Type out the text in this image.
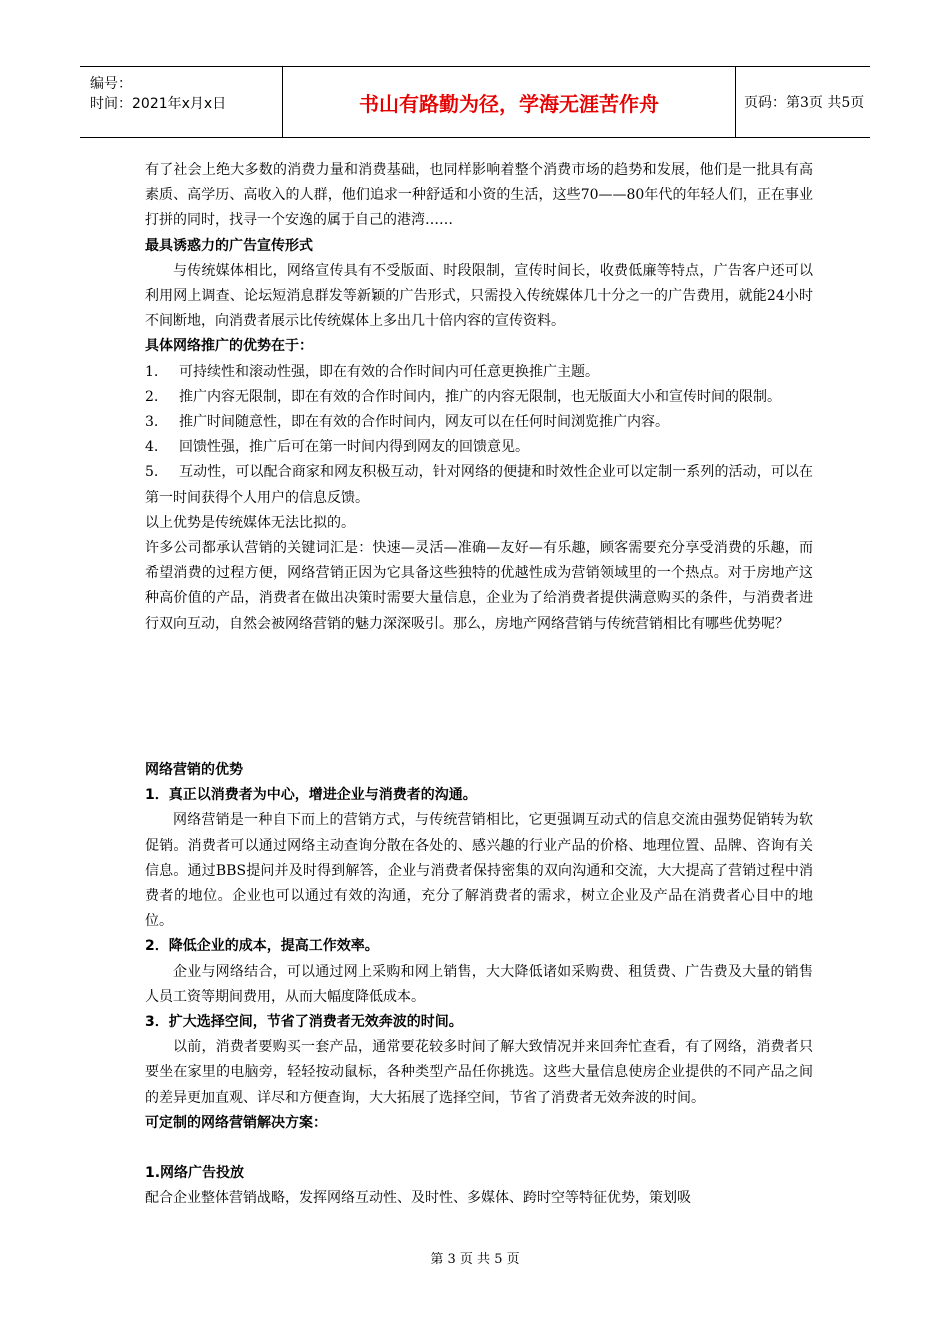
编号：
时间：2021年x月x日	书山有路勤为径，学海无涯苦作舟	页码：第3页 共5页

有了社会上绝大多数的消费力量和消费基础，也同样影响着整个消费市场的趋势和发展，他们是一批具有高素质、高学历、高收入的人群，他们追求一种舒适和小资的生活，这些70——80年代的年轻人们，正在事业打拼的同时，找寻一个安逸的属于自己的港湾……

最具诱惑力的广告宣传形式

与传统媒体相比，网络宣传具有不受版面、时段限制，宣传时间长，收费低廉等特点，广告客户还可以利用网上调查、论坛短消息群发等新颖的广告形式，只需投入传统媒体几十分之一的广告费用，就能24小时不间断地，向消费者展示比传统媒体上多出几十倍内容的宣传资料。

具体网络推广的优势在于：

1. 可持续性和滚动性强，即在有效的合作时间内可任意更换推广主题。

2. 推广内容无限制，即在有效的合作时间内，推广的内容无限制，也无版面大小和宣传时间的限制。

3. 推广时间随意性，即在有效的合作时间内，网友可以在任何时间浏览推广内容。

4. 回馈性强，推广后可在第一时间内得到网友的回馈意见。

5. 互动性，可以配合商家和网友积极互动，针对网络的便捷和时效性企业可以定制一系列的活动，可以在第一时间获得个人用户的信息反馈。

以上优势是传统媒体无法比拟的。

许多公司都承认营销的关键词汇是：快速—灵活—准确—友好—有乐趣，顾客需要充分享受消费的乐趣，而希望消费的过程方便，网络营销正因为它具备这些独特的优越性成为营销领域里的一个热点。对于房地产这种高价值的产品，消费者在做出决策时需要大量信息，企业为了给消费者提供满意购买的条件，与消费者进行双向互动，自然会被网络营销的魅力深深吸引。那么，房地产网络营销与传统营销相比有哪些优势呢？

网络营销的优势

1．真正以消费者为中心，增进企业与消费者的沟通。

网络营销是一种自下而上的营销方式，与传统营销相比，它更强调互动式的信息交流由强势促销转为软促销。消费者可以通过网络主动查询分散在各处的、感兴趣的行业产品的价格、地理位置、品牌、咨询有关信息。通过BBS提问并及时得到解答，企业与消费者保持密集的双向沟通和交流，大大提高了营销过程中消费者的地位。企业也可以通过有效的沟通，充分了解消费者的需求，树立企业及产品在消费者心目中的地位。

2．降低企业的成本，提高工作效率。

企业与网络结合，可以通过网上采购和网上销售，大大降低诸如采购费、租赁费、广告费及大量的销售人员工资等期间费用，从而大幅度降低成本。

3．扩大选择空间，节省了消费者无效奔波的时间。

以前，消费者要购买一套产品，通常要花较多时间了解大致情况并来回奔忙查看，有了网络，消费者只要坐在家里的电脑旁，轻轻按动鼠标，各种类型产品任你挑选。这些大量信息使房企业提供的不同产品之间的差异更加直观、详尽和方便查询，大大拓展了选择空间，节省了消费者无效奔波的时间。

可定制的网络营销解决方案：

1.网络广告投放

配合企业整体营销战略，发挥网络互动性、及时性、多媒体、跨时空等特征优势，策划吸

第 3 页 共 5 页
